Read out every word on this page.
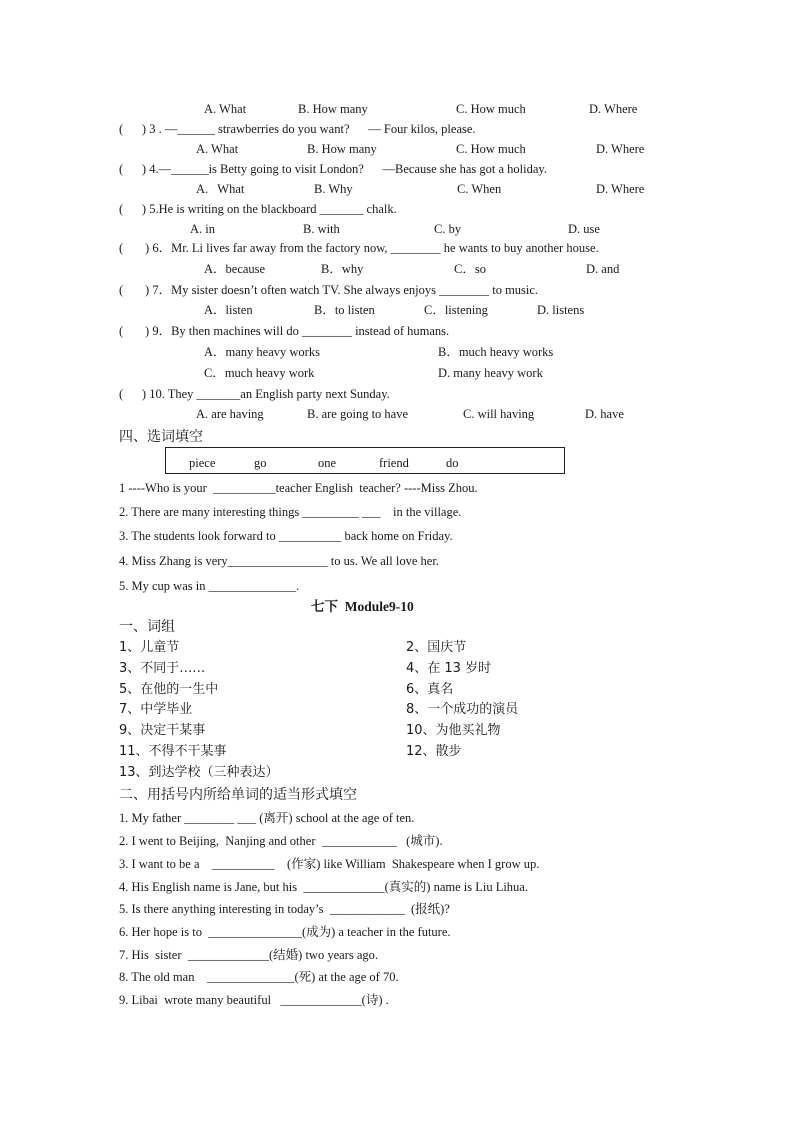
A. What	B. How many	C. How much	D. Where
(      ) 3 . —______ strawberries do you want?      — Four kilos, please.
A. What	B. How many	C. How much	D. Where
(      ) 4.—______is Betty going to visit London?      —Because she has got a holiday.
A.   What	B. Why	C. When	D. Where
(      ) 5.He is writing on the blackboard _______ chalk.
A. in	B. with	C. by	D. use
(       ) 6．Mr. Li lives far away from the factory now, ________ he wants to buy another house.
A．because	B．why	C．so	D. and
(       ) 7．My sister doesn’t often watch TV. She always enjoys ________ to music.
A．listen	B．to listen	C．listening	D. listens
(       ) 9．By then machines will do ________ instead of humans.
A．many heavy works	B．much heavy works
C．much heavy work	D. many heavy work
(      ) 10. They _______an English party next Sunday.
A. are having	B. are going to have	C. will having	D. have
四、选词填空
piece	go	one	friend	do
1 ----Who is your  __________teacher English  teacher? ----Miss Zhou.
2. There are many interesting things _________ ___    in the village.
3. The students look forward to __________ back home on Friday.
4. Miss Zhang is very________________ to us. We all love her.
5. My cup was in ______________.
七下  Module9-10
一、词组
1、儿童节	2、国庆节
3、不同于……	4、在 13 岁时
5、在他的一生中	6、真名
7、中学毕业	8、一个成功的演员
9、决定干某事	10、为他买礼物
11、不得不干某事	12、散步
13、到达学校（三种表达）
二、用括号内所给单词的适当形式填空
1. My father ________ ___ (离开) school at the age of ten.
2. I went to Beijing,  Nanjing and other  ____________   (城市).
3. I want to be a    __________    (作家) like William  Shakespeare when I grow up.
4. His English name is Jane, but his  _____________(真实的) name is Liu Lihua.
5. Is there anything interesting in today’s  ____________  (报纸)?
6. Her hope is to  _______________(成为) a teacher in the future.
7. His  sister  _____________(结婚) two years ago.
8. The old man    ______________(死) at the age of 70.
9. Libai  wrote many beautiful   _____________(诗) .
